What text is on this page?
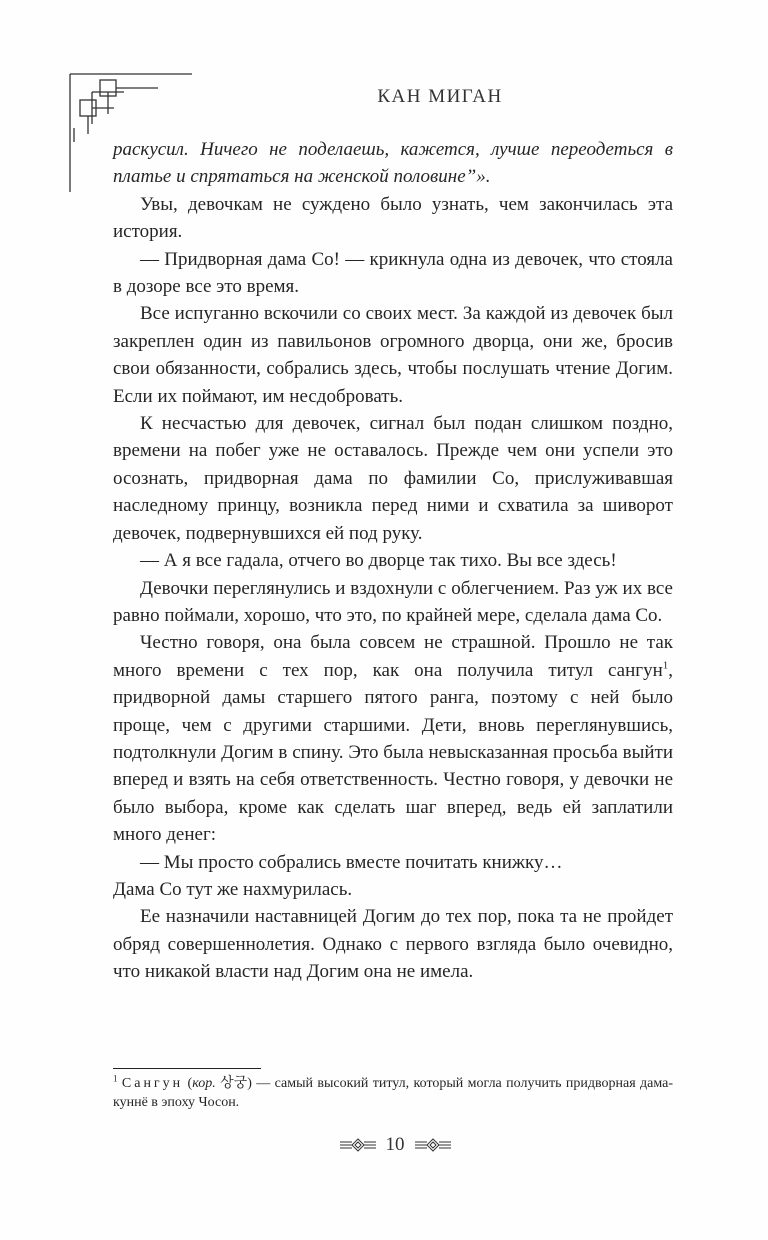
КАН МИГАН

раскусил. Ничего не поделаешь, кажется, лучше переодеться в платье и спрятаться на женской половине”».

Увы, девочкам не суждено было узнать, чем закончилась эта история.

— Придворная дама Со! — крикнула одна из девочек, что стояла в дозоре все это время.

Все испуганно вскочили со своих мест. За каждой из девочек был закреплен один из павильонов огромного дворца, они же, бросив свои обязанности, собрались здесь, чтобы послушать чтение Догим. Если их поймают, им несдобровать.

К несчастью для девочек, сигнал был подан слишком поздно, времени на побег уже не оставалось. Прежде чем они успели это осознать, придворная дама по фамилии Со, прислуживавшая наследному принцу, возникла перед ними и схватила за шиворот девочек, подвернувшихся ей под руку.

— А я все гадала, отчего во дворце так тихо. Вы все здесь!

Девочки переглянулись и вздохнули с облегчением. Раз уж их все равно поймали, хорошо, что это, по крайней мере, сделала дама Со.

Честно говоря, она была совсем не страшной. Прошло не так много времени с тех пор, как она получила титул сангун$^1$, придворной дамы старшего пятого ранга, поэтому с ней было проще, чем с другими старшими. Дети, вновь переглянувшись, подтолкнули Догим в спину. Это была невысказанная просьба выйти вперед и взять на себя ответственность. Честно говоря, у девочки не было выбора, кроме как сделать шаг вперед, ведь ей заплатили много денег:

— Мы просто собрались вместе почитать книжку…

Дама Со тут же нахмурилась.

Ее назначили наставницей Догим до тех пор, пока та не пройдет обряд совершеннолетия. Однако с первого взгляда было очевидно, что никакой власти над Догим она не имела.

$^1$ Сангун (кор. 상궁) — самый высокий титул, который могла получить придворная дама-куннё в эпоху Чосон.
10
